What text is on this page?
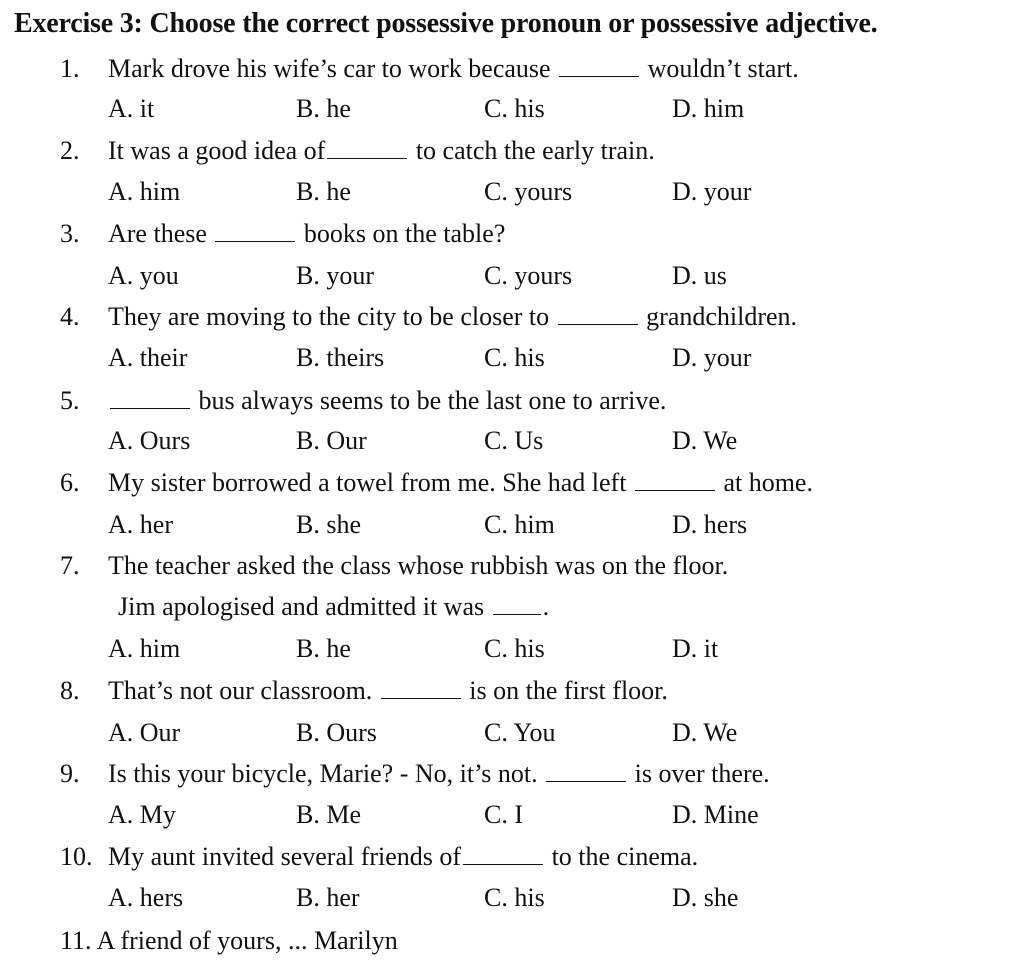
Exercise 3: Choose the correct possessive pronoun or possessive adjective.
1. Mark drove his wife’s car to work because	wouldn’t start.
A. it	B. he	C. his	D. him
2. It was a good idea of	to catch the early train.
A. him	B. he	C. yours	D. your
3. Are these	books on the table?
A. you	B. your	C. yours	D. us
4. They are moving to the city to be closer to	grandchildren.
A. their	B. theirs	C. his	D. your
5.	bus always seems to be the last one to arrive.
A. Ours	B. Our	C. Us	D. We
6. My sister borrowed a towel from me. She had left	at home.
A. her	B. she	C. him	D. hers
7. The teacher asked the class whose rubbish was on the floor.
Jim apologised and admitted it was .
A. him	B. he	C. his	D. it
8. That’s not our classroom.	is on the first floor.
A. Our	B. Ours	C. You	D. We
9. Is this your bicycle, Marie? - No, it’s not.	is over there.
A. My	B. Me	C. I	D. Mine
10. My aunt invited several friends of	to the cinema.
A. hers	B. her	C. his	D. she
11. A friend of yours, ... Marilyn
